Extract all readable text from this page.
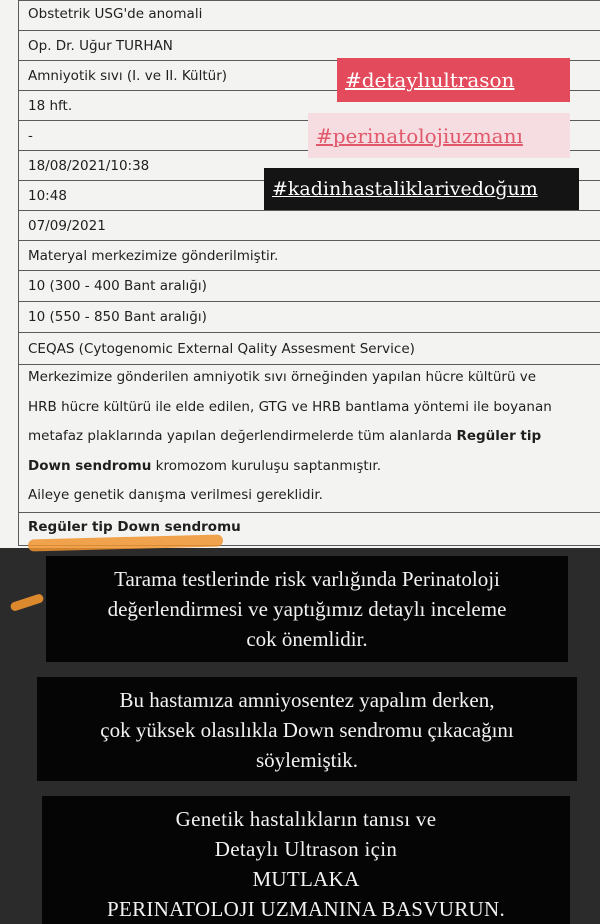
Obstetrik USG'de anomali
Op. Dr. Uğur TURHAN
Amniyotik sıvı (I. ve II. Kültür)
18 hft.
-
18/08/2021/10:38
10:48
07/09/2021
Materyal merkezimize gönderilmiştir.
10 (300 - 400 Bant aralığı)
10 (550 - 850 Bant aralığı)
CEQAS (Cytogenomic External Qality Assesment Service)
Merkezimize gönderilen amniyotik sıvı örneğinden yapılan hücre kültürü ve
HRB hücre kültürü ile elde edilen, GTG ve HRB bantlama yöntemi ile boyanan
metafaz plaklarında yapılan değerlendirmelerde tüm alanlarda Regüler tip
Down sendromu kromozom kuruluşu saptanmıştır.
Aileye genetik danışma verilmesi gereklidir.
Regüler tip Down sendromu
#detaylıultrason
#perinatolojiuzmanı
#kadinhastaliklarivedoğum
Tarama testlerinde risk varlığında Perinatoloji
değerlendirmesi ve yaptığımız detaylı inceleme
cok önemlidir.
Bu hastamıza amniyosentez yapalım derken,
çok yüksek olasılıkla Down sendromu çıkacağını
söylemiştik.
Genetik hastalıkların tanısı ve
Detaylı Ultrason için
MUTLAKA
PERINATOLOJI UZMANINA BASVURUN.
